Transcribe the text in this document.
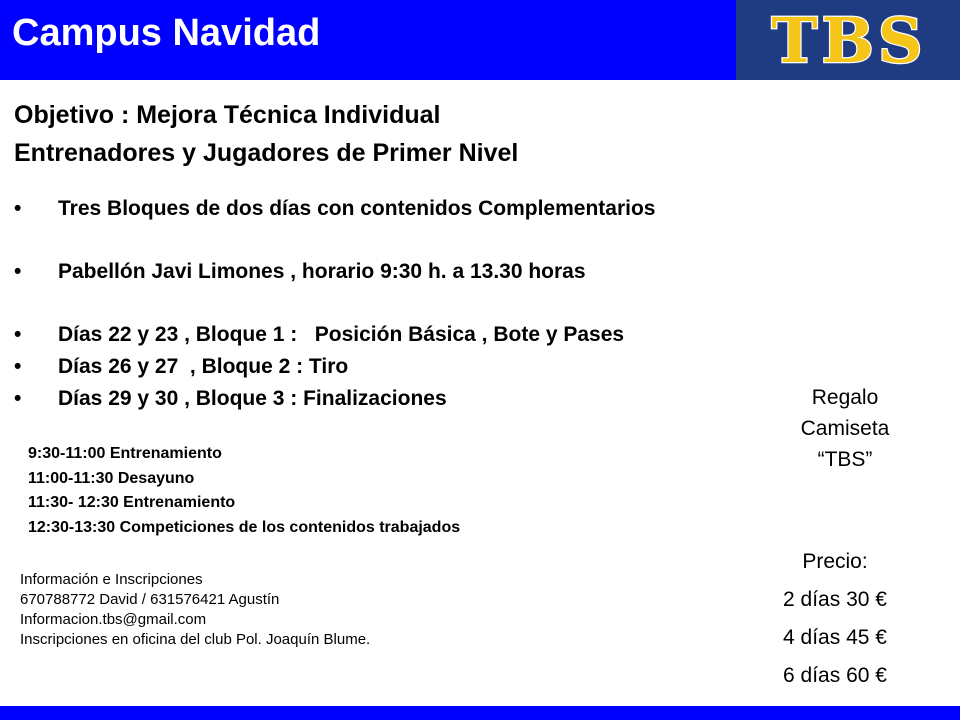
Campus Navidad	TBS
Objetivo : Mejora Técnica Individual
Entrenadores y Jugadores de Primer Nivel
• Tres Bloques de dos días con contenidos Complementarios
• Pabellón Javi Limones , horario 9:30 h. a 13.30 horas
• Días 22 y 23 , Bloque 1 :   Posición Básica , Bote y Pases
• Días 26 y 27  , Bloque 2 : Tiro
• Días 29 y 30 , Bloque 3 : Finalizaciones
9:30-11:00 Entrenamiento
11:00-11:30 Desayuno
11:30- 12:30 Entrenamiento
12:30-13:30 Competiciones de los contenidos trabajados
Información e Inscripciones
670788772 David / 631576421 Agustín
Informacion.tbs@gmail.com
Inscripciones en oficina del club Pol. Joaquín Blume.
Regalo
Camiseta
“TBS”
Precio:
2 días 30 €
4 días 45 €
6 días 60 €
